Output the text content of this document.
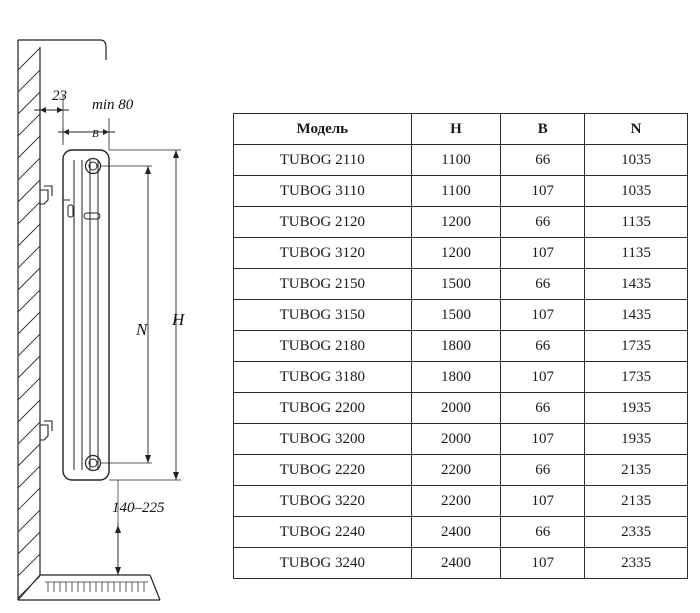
23
min 80
B
N
H
140–225
Модель	H	B	N
TUBOG 2110	1100	66	1035
TUBOG 3110	1100	107	1035
TUBOG 2120	1200	66	1135
TUBOG 3120	1200	107	1135
TUBOG 2150	1500	66	1435
TUBOG 3150	1500	107	1435
TUBOG 2180	1800	66	1735
TUBOG 3180	1800	107	1735
TUBOG 2200	2000	66	1935
TUBOG 3200	2000	107	1935
TUBOG 2220	2200	66	2135
TUBOG 3220	2200	107	2135
TUBOG 2240	2400	66	2335
TUBOG 3240	2400	107	2335
